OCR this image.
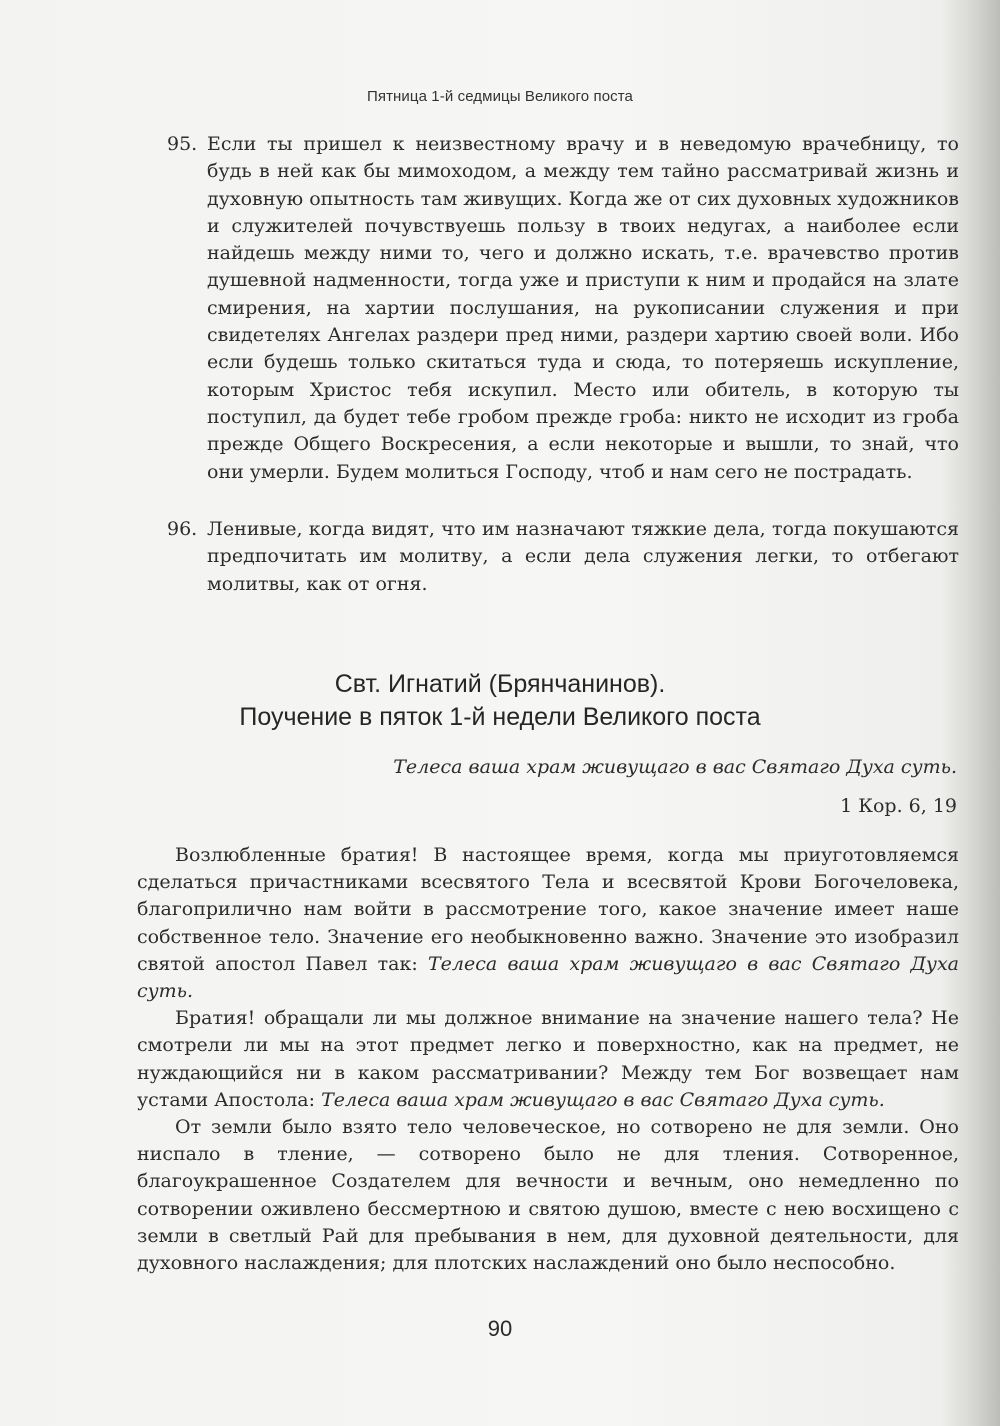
Пятница 1-й седмицы Великого поста
95. Если ты пришел к неизвестному врачу и в неведомую врачебницу, то будь в ней как бы мимоходом, а между тем тайно рассматривай жизнь и духовную опытность там живущих. Когда же от сих духовных художников и служителей почувствуешь пользу в твоих недугах, а наиболее если найдешь между ними то, чего и должно искать, т.е. врачевство против душевной надменности, тогда уже и приступи к ним и продайся на злате смирения, на хартии послушания, на рукописании служения и при свидетелях Ангелах раздери пред ними, раздери хартию своей воли. Ибо если будешь только скитаться туда и сюда, то потеряешь искупление, которым Христос тебя искупил. Место или обитель, в которую ты поступил, да будет тебе гробом прежде гроба: никто не исходит из гроба прежде Общего Воскресения, а если некоторые и вышли, то знай, что они умерли. Будем молиться Господу, чтоб и нам сего не пострадать.
96. Ленивые, когда видят, что им назначают тяжкие дела, тогда покушаются предпочитать им молитву, а если дела служения легки, то отбегают молитвы, как от огня.
Свт. Игнатий (Брянчанинов).
Поучение в пяток 1-й недели Великого поста
Телеса ваша храм живущаго в вас Святаго Духа суть.
1 Кор. 6, 19

Возлюбленные братия! В настоящее время, когда мы приуготовляемся сделаться причастниками всесвятого Тела и всесвятой Крови Богочеловека, благоприлично нам войти в рассмотрение того, какое значение имеет наше собственное тело. Значение его необыкновенно важно. Значение это изобразил святой апостол Павел так: Телеса ваша храм живущаго в вас Святаго Духа суть.

Братия! обращали ли мы должное внимание на значение нашего тела? Не смотрели ли мы на этот предмет легко и поверхностно, как на предмет, не нуждающийся ни в каком рассматривании? Между тем Бог возвещает нам устами Апостола: Телеса ваша храм живущаго в вас Святаго Духа суть.

От земли было взято тело человеческое, но сотворено не для земли. Оно ниспало в тление, — сотворено было не для тления. Сотворенное, благоукрашенное Создателем для вечности и вечным, оно немедленно по сотворении оживлено бессмертною и святою душою, вместе с нею восхищено с земли в светлый Рай для пребывания в нем, для духовной деятельности, для духовного наслаждения; для плотских наслаждений оно было неспособно.

90
